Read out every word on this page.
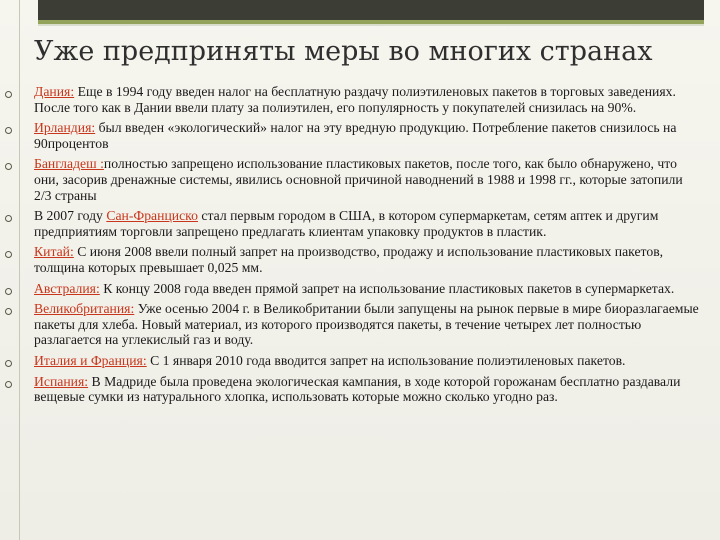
Уже предприняты меры во многих странах
Дания: Еще в 1994 году введен налог на бесплатную раздачу полиэтиленовых пакетов в торговых заведениях. После того как в Дании ввели плату за полиэтилен, его популярность у покупателей снизилась на 90%.
Ирландия: был введен «экологический» налог на эту вредную продукцию. Потребление пакетов снизилось на 90процентов
Бангладеш :полностью запрещено использование пластиковых пакетов, после того, как было обнаружено, что они, засорив дренажные системы, явились основной причиной наводнений в 1988 и 1998 гг., которые затопили 2/3 страны
В 2007 году Сан-Франциско стал первым городом в США, в котором супермаркетам, сетям аптек и другим предприятиям торговли запрещено предлагать клиентам упаковку продуктов в пластик.
Китай: С июня 2008 ввели полный запрет на производство, продажу и использование пластиковых пакетов, толщина которых превышает 0,025 мм.
Австралия: К концу 2008 года введен прямой запрет на использование пластиковых пакетов в супермаркетах.
Великобритания: Уже осенью 2004 г. в Великобритании были запущены на рынок первые в мире биоразлагаемые пакеты для хлеба. Новый материал, из которого производятся пакеты, в течение четырех лет полностью разлагается на углекислый газ и воду.
Италия и Франция: С 1 января 2010 года вводится запрет на использование полиэтиленовых пакетов.
Испания: В Мадриде была проведена экологическая кампания, в ходе которой горожанам бесплатно раздавали вещевые сумки из натурального хлопка, использовать которые можно сколько угодно раз.
